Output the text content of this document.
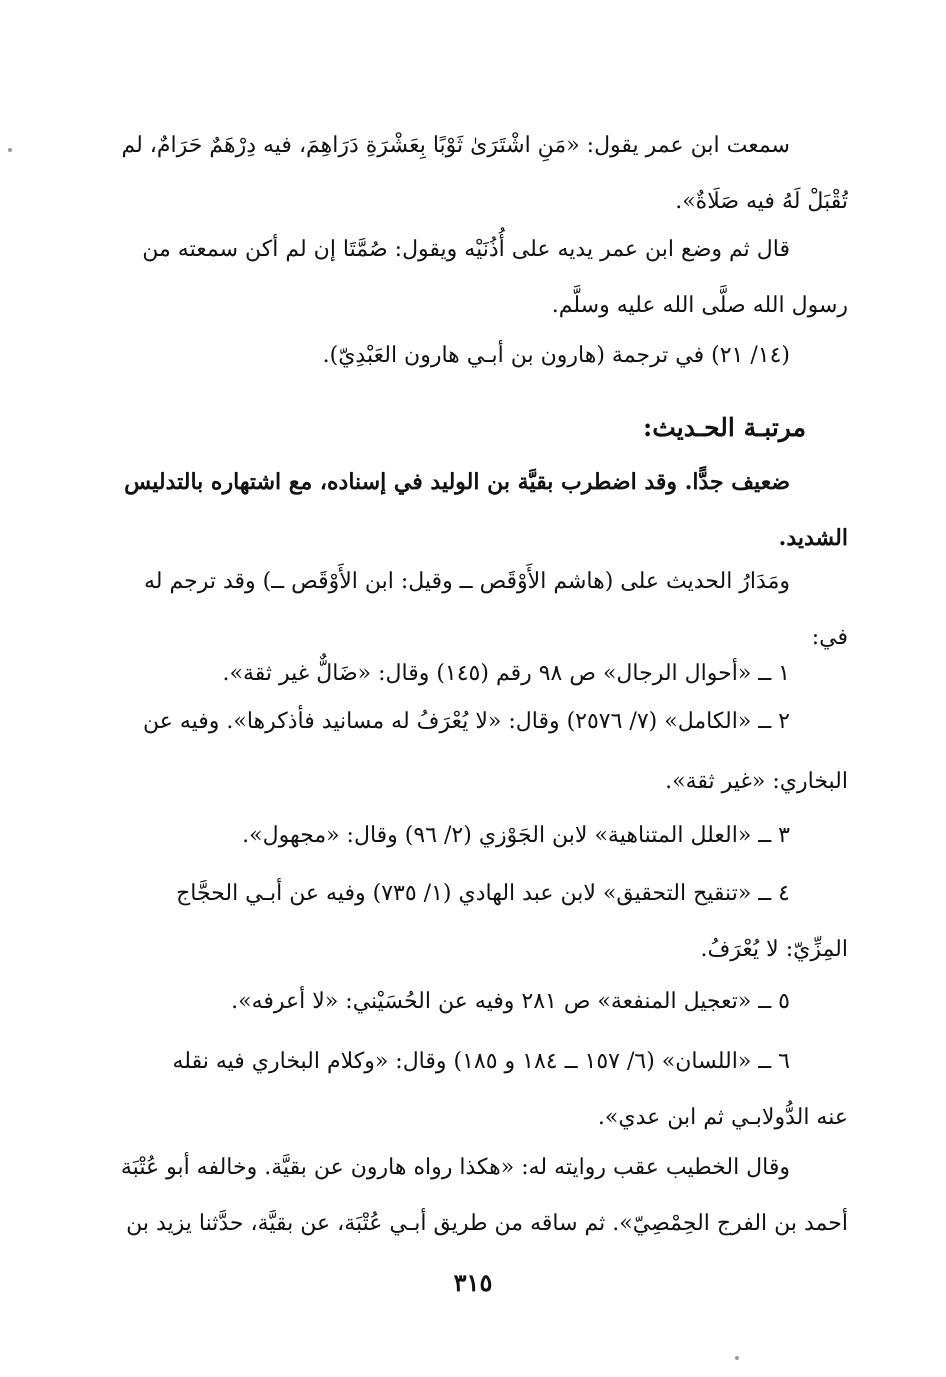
سمعت ابن عمر يقول: «مَنِ اشْتَرَىٰ ثَوْبًا بِعَشْرَةِ دَرَاهِمَ، فيه دِرْهَمٌ حَرَامٌ، لم
تُقْبَلْ لَهُ فيه صَلَاةٌ».
قال ثم وضع ابن عمر يديه على أُذُنَيْه ويقول: صُمَّتَا إن لم أكن سمعته من
رسول الله صلَّى الله عليه وسلَّم.
(١٤/ ٢١) في ترجمة (هارون بن أبـي هارون العَبْدِيّ).
مرتبـة الحـديث:
ضعيف جدًّا. وقد اضطرب بقيَّة بن الوليد في إسناده، مع اشتهاره بالتدليس
الشديد.
ومَدَارُ الحديث على (هاشم الأَوْقَص ــ وقيل: ابن الأَوْقَص ــ) وقد ترجم له
في:
١ ــ «أحوال الرجال» ص ٩٨ رقم (١٤٥) وقال: «ضَالٌّ غير ثقة».
٢ ــ «الكامل» (٧/ ٢٥٧٦) وقال: «لا يُعْرَفُ له مسانيد فأذكرها». وفيه عن
البخاري: «غير ثقة».
٣ ــ «العلل المتناهية» لابن الجَوْزي (٢/ ٩٦) وقال: «مجهول».
٤ ــ «تنقيح التحقيق» لابن عبد الهادي (١/ ٧٣٥) وفيه عن أبـي الحجَّاج
المِزِّيّ: لا يُعْرَفُ.
٥ ــ «تعجيل المنفعة» ص ٢٨١ وفيه عن الحُسَيْني: «لا أعرفه».
٦ ــ «اللسان» (٦/ ١٥٧ ــ ١٨٤ و ١٨٥) وقال: «وكلام البخاري فيه نقله
عنه الدُّولابـي ثم ابن عدي».
وقال الخطيب عقب روايته له: «هكذا رواه هارون عن بقيَّة. وخالفه أبو عُتْبَة
أحمد بن الفرج الحِمْصِيّ». ثم ساقه من طريق أبـي عُتْبَة، عن بقيَّة، حدَّثنا يزيد بن
٣١٥
